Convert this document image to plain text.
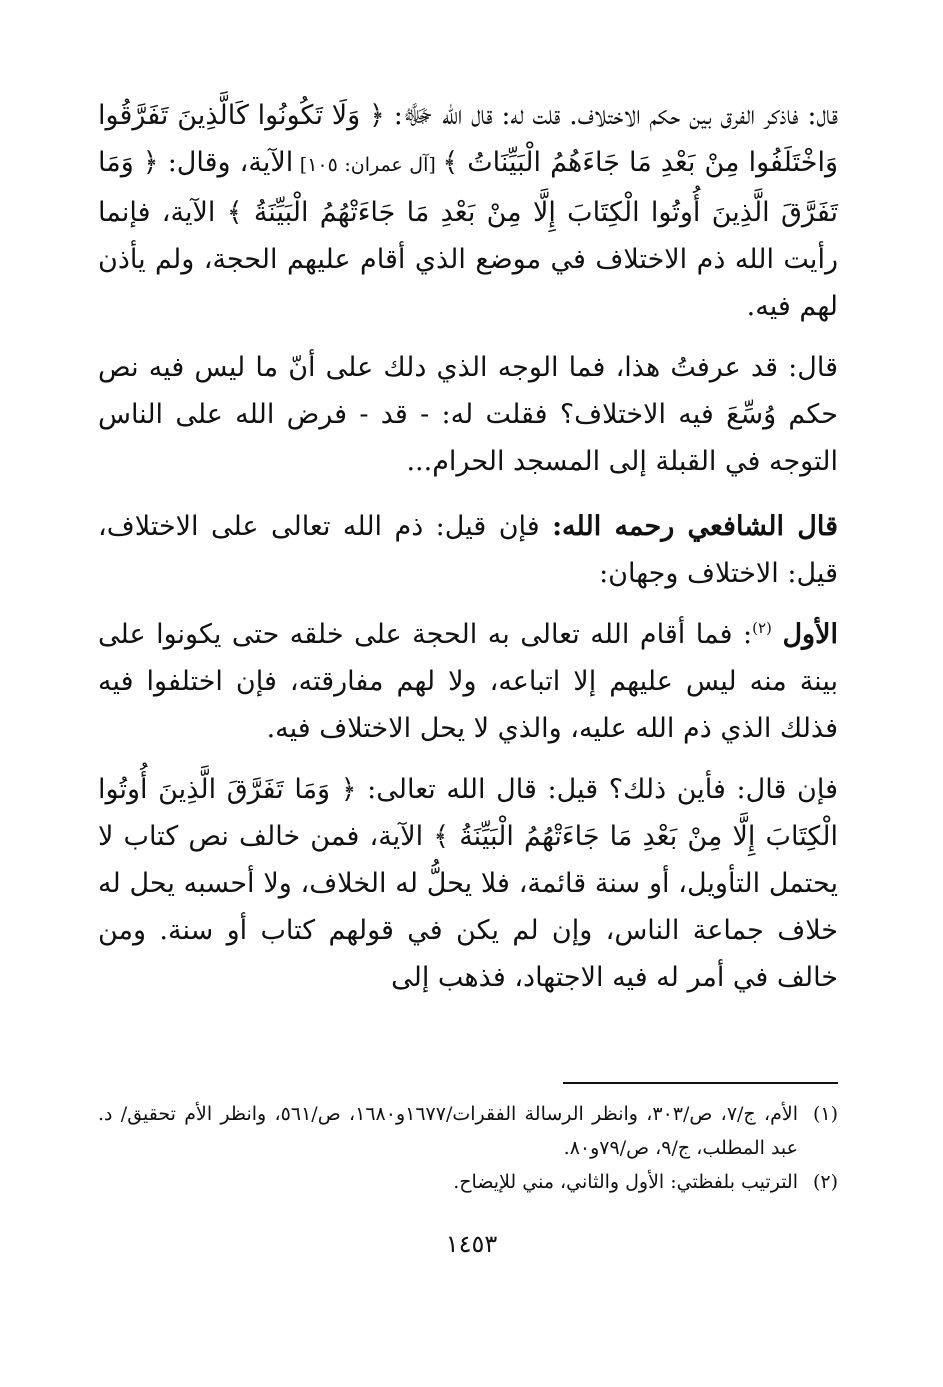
قال: فاذكر الفرق بين حكم الاختلاف. قلت له: قال الله ﷻ: ﴿ وَلَا تَكُونُوا كَالَّذِينَ تَفَرَّقُوا وَاخْتَلَفُوا مِنْ بَعْدِ مَا جَاءَهُمُ الْبَيِّنَاتُ ﴾ [آل عمران: ١٠٥] الآية، وقال: ﴿ وَمَا تَفَرَّقَ الَّذِينَ أُوتُوا الْكِتَابَ إِلَّا مِنْ بَعْدِ مَا جَاءَتْهُمُ الْبَيِّنَةُ ﴾ الآية، فإنما رأيت الله ذم الاختلاف في موضع الذي أقام عليهم الحجة، ولم يأذن لهم فيه.

قال: قد عرفتُ هذا، فما الوجه الذي دلك على أنّ ما ليس فيه نص حكم وُسِّعَ فيه الاختلاف؟ فقلت له: - قد - فرض الله على الناس التوجه في القبلة إلى المسجد الحرام...

قال الشافعي رحمه الله: فإن قيل: ذم الله تعالى على الاختلاف، قيل: الاختلاف وجهان:

الأول $^{(٢)}$: فما أقام الله تعالى به الحجة على خلقه حتى يكونوا على بينة منه ليس عليهم إلا اتباعه، ولا لهم مفارقته، فإن اختلفوا فيه فذلك الذي ذم الله عليه، والذي لا يحل الاختلاف فيه.

فإن قال: فأين ذلك؟ قيل: قال الله تعالى: ﴿ وَمَا تَفَرَّقَ الَّذِينَ أُوتُوا الْكِتَابَ إِلَّا مِنْ بَعْدِ مَا جَاءَتْهُمُ الْبَيِّنَةُ ﴾ الآية، فمن خالف نص كتاب لا يحتمل التأويل، أو سنة قائمة، فلا يحلُّ له الخلاف، ولا أحسبه يحل له خلاف جماعة الناس، وإن لم يكن في قولهم كتاب أو سنة. ومن خالف في أمر له فيه الاجتهاد، فذهب إلى

(١)
الأم، ج/٧، ص/٣٠٣، وانظر الرسالة الفقرات/١٦٧٧و١٦٨٠، ص/٥٦١، وانظر الأم تحقيق/ د. عبد المطلب، ج/٩، ص/٧٩و٨٠.

(٢)
الترتيب بلفظتي: الأول والثاني، مني للإيضاح.

١٤٥٣
